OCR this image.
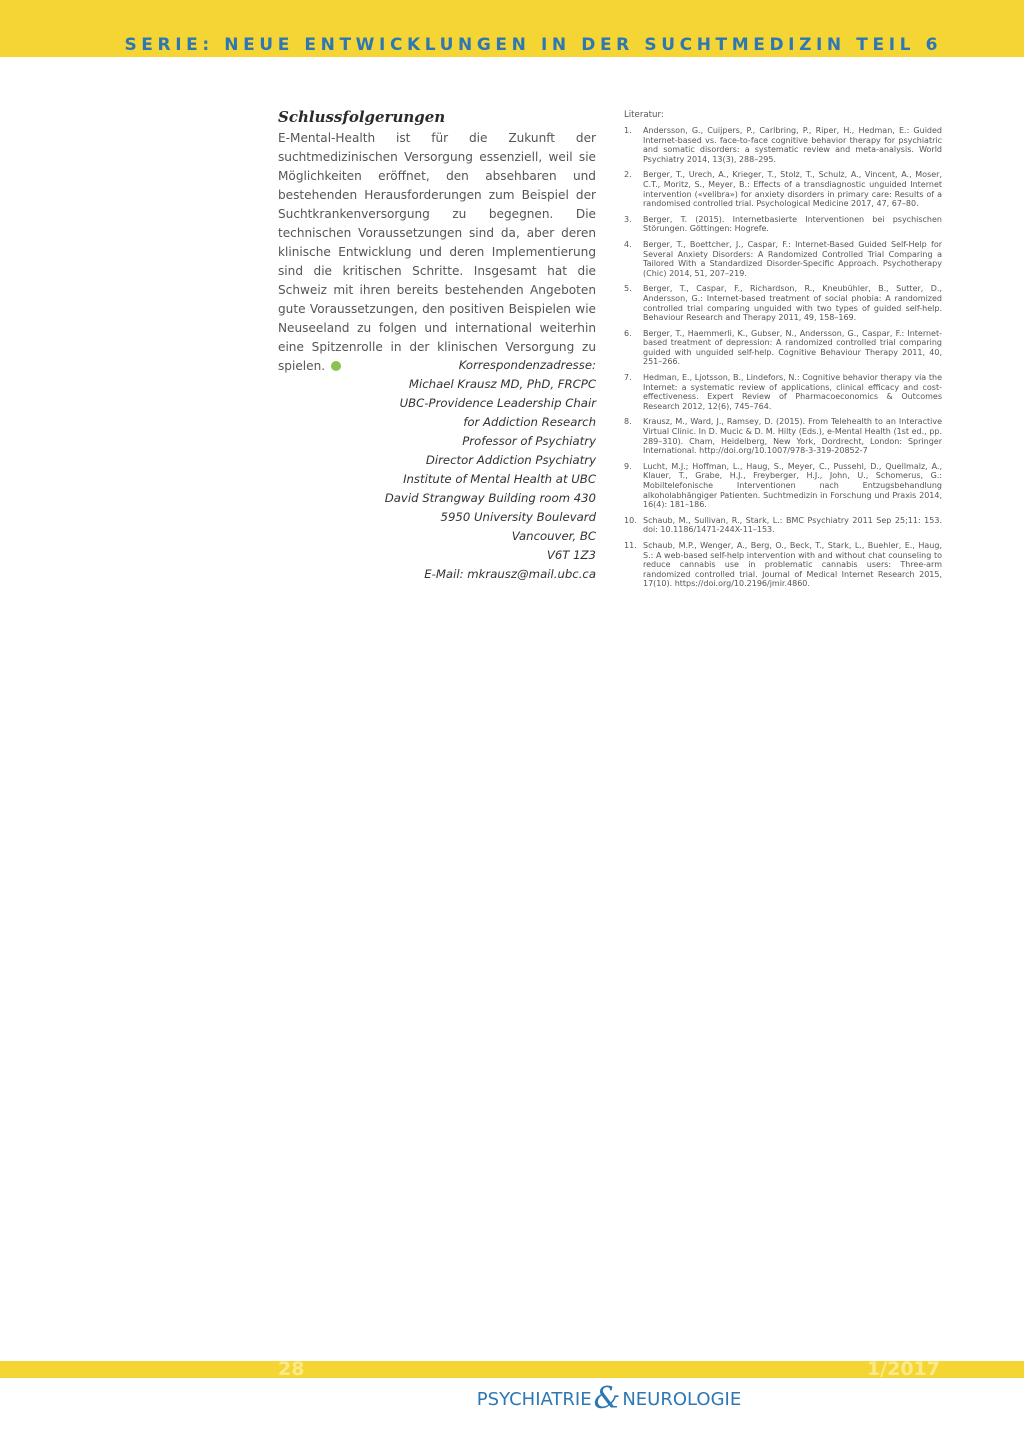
SERIE: NEUE ENTWICKLUNGEN IN DER SUCHTMEDIZIN TEIL 6
Schlussfolgerungen

E-Mental-Health ist für die Zukunft der suchtmedizinischen Versorgung essenziell, weil sie Möglichkeiten eröffnet, den absehbaren und bestehenden Herausforderungen zum Beispiel der Suchtkrankenversorgung zu begegnen. Die technischen Voraussetzungen sind da, aber deren klinische Entwicklung und deren Implementierung sind die kritischen Schritte. Insgesamt hat die Schweiz mit ihren bereits bestehenden Angeboten gute Voraussetzungen, den positiven Beispielen wie Neuseeland zu folgen und international weiterhin eine Spitzenrolle in der klinischen Versorgung zu spielen.	Korrespondenzadresse:
Michael Krausz MD, PhD, FRCPC
UBC-Providence Leadership Chair
for Addiction Research
Professor of Psychiatry
Director Addiction Psychiatry
Institute of Mental Health at UBC
David Strangway Building room 430
5950 University Boulevard
Vancouver, BC
V6T 1Z3
E-Mail: mkrausz@mail.ubc.ca
Literatur:
1.	Andersson, G., Cuijpers, P., Carlbring, P., Riper, H., Hedman, E.: Guided Internet-based vs. face-to-face cognitive behavior therapy for psychiatric and somatic disorders: a systematic review and meta-analysis. World Psychiatry 2014, 13(3), 288–295.
2.	Berger, T., Urech, A., Krieger, T., Stolz, T., Schulz, A., Vincent, A., Moser, C.T., Moritz, S., Meyer, B.: Effects of a transdiagnostic unguided Internet intervention («velibra») for anxiety disorders in primary care: Results of a randomised controlled trial. Psychological Medicine 2017, 47, 67–80.
3.	Berger, T. (2015). Internetbasierte Interventionen bei psychischen Störungen. Göttingen: Hogrefe.
4.	Berger, T., Boettcher, J., Caspar, F.: Internet-Based Guided Self-Help for Several Anxiety Disorders: A Randomized Controlled Trial Comparing a Tailored With a Standardized Disorder-Specific Approach. Psychotherapy (Chic) 2014, 51, 207–219.
5.	Berger, T., Caspar, F., Richardson, R., Kneubühler, B., Sutter, D., Andersson, G.: Internet-based treatment of social phobia: A randomized controlled trial comparing unguided with two types of guided self-help. Behaviour Research and Therapy 2011, 49, 158–169.
6.	Berger, T., Haemmerli, K., Gubser, N., Andersson, G., Caspar, F.: Internet-based treatment of depression: A randomized controlled trial comparing guided with unguided self-help. Cognitive Behaviour Therapy 2011, 40, 251–266.
7.	Hedman, E., Ljotsson, B., Lindefors, N.: Cognitive behavior therapy via the Internet: a systematic review of applications, clinical efficacy and cost-effectiveness. Expert Review of Pharmacoeconomics & Outcomes Research 2012, 12(6), 745–764.
8.	Krausz, M., Ward, J., Ramsey, D. (2015). From Telehealth to an Interactive Virtual Clinic. In D. Mucic & D. M. Hilty (Eds.), e-Mental Health (1st ed., pp. 289–310). Cham, Heidelberg, New York, Dordrecht, London: Springer International. http://doi.org/10.1007/978-3-319-20852-7
9.	Lucht, M.J.; Hoffman, L., Haug, S., Meyer, C., Pussehl, D., Quellmalz, A., Klauer, T., Grabe, H.J., Freyberger, H.J., John, U., Schomerus, G.: Mobiltelefonische Interventionen nach Entzugsbehandlung alkoholabhängiger Patienten. Suchtmedizin in Forschung und Praxis 2014, 16(4): 181–186.
10. Schaub, M., Sullivan, R., Stark, L.: BMC Psychiatry 2011 Sep 25;11: 153. doi: 10.1186/1471-244X-11–153.
11. Schaub, M.P., Wenger, A., Berg, O., Beck, T., Stark, L., Buehler, E., Haug, S.: A web-based self-help intervention with and without chat counseling to reduce cannabis use in problematic cannabis users: Three-arm randomized controlled trial. Journal of Medical Internet Research 2015, 17(10). https://doi.org/10.2196/jmir.4860.
28	1/2017
PSYCHIATRIE& NEUROLOGIE
